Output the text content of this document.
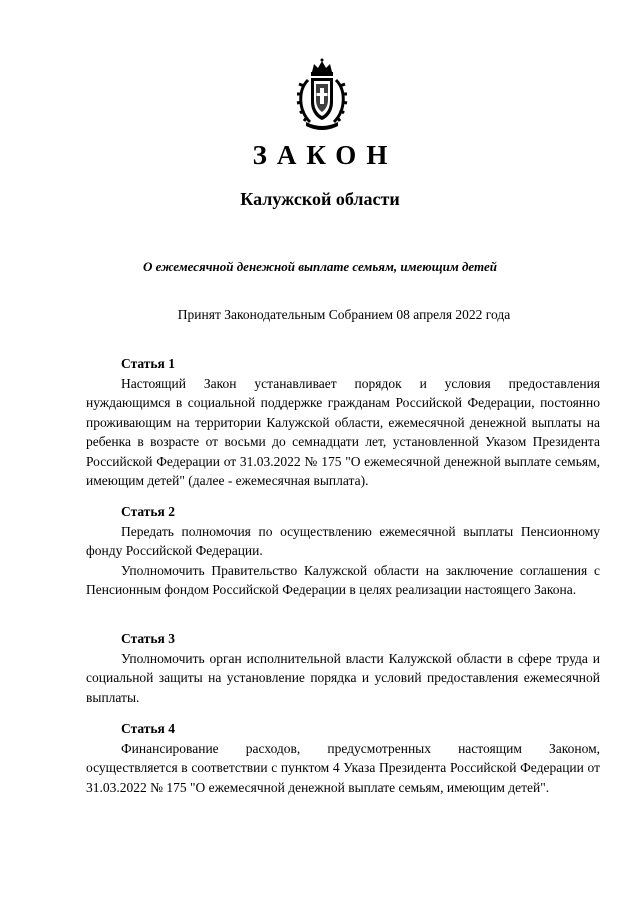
ЗАКОН
Калужской области
О ежемесячной денежной выплате семьям, имеющим детей
Принят Законодательным Собранием 08 апреля 2022 года
Статья 1

Настоящий Закон устанавливает порядок и условия предоставления нуждающимся в социальной поддержке гражданам Российской Федерации, постоянно проживающим на территории Калужской области, ежемесячной денежной выплаты на ребенка в возрасте от восьми до семнадцати лет, установленной Указом Президента Российской Федерации от 31.03.2022 № 175 "О ежемесячной денежной выплате семьям, имеющим детей" (далее - ежемесячная выплата).

Статья 2

Передать полномочия по осуществлению ежемесячной выплаты Пенсионному фонду Российской Федерации.

Уполномочить Правительство Калужской области на заключение соглашения с Пенсионным фондом Российской Федерации в целях реализации настоящего Закона.

Статья 3

Уполномочить орган исполнительной власти Калужской области в сфере труда и социальной защиты на установление порядка и условий предоставления ежемесячной выплаты.

Статья 4

Финансирование расходов, предусмотренных настоящим Законом, осуществляется в соответствии с пунктом 4 Указа Президента Российской Федерации от 31.03.2022 № 175 "О ежемесячной денежной выплате семьям, имеющим детей".
